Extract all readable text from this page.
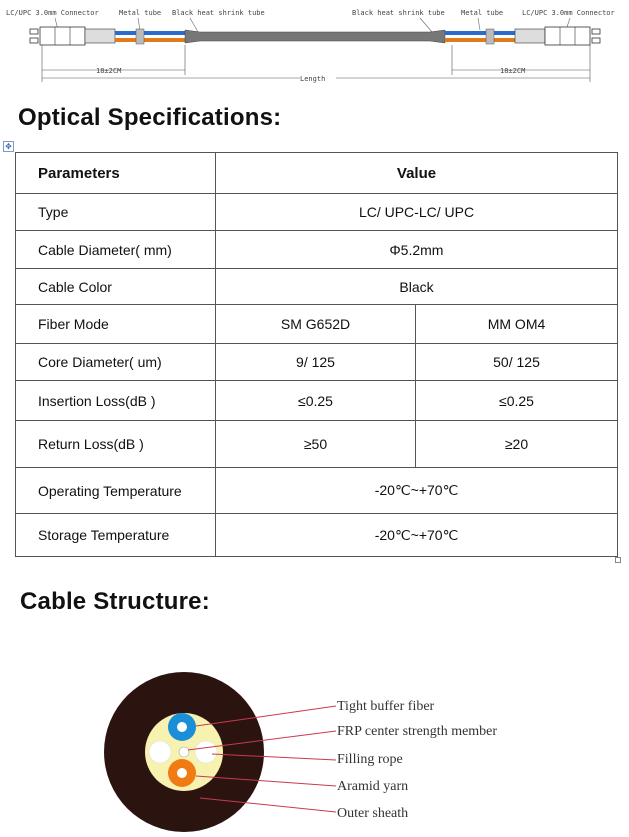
LC/UPC 3.0mm Connector	Metal tube Black heat shrink tube	Black heat shrink tube Metal tube	LC/UPC 3.0mm Connector
18±2CM
Length
18±2CM
Optical Specifications:
✥
Parameters	Value	
Type	LC/ UPC-LC/ UPC	
Cable Diameter( mm)	Φ5.2mm	
Cable Color	Black	
Fiber Mode	SM G652D	MM OM4
Core Diameter( um)	9/ 125	50/ 125
Insertion Loss(dB )	≤0.25	≤0.25
Return Loss(dB )	≥50	≥20
Operating Temperature	-20℃~+70℃	
Storage Temperature	-20℃~+70℃	
Cable Structure:
Tight buffer fiber
FRP center strength member
Filling rope
Aramid yarn
Outer sheath
